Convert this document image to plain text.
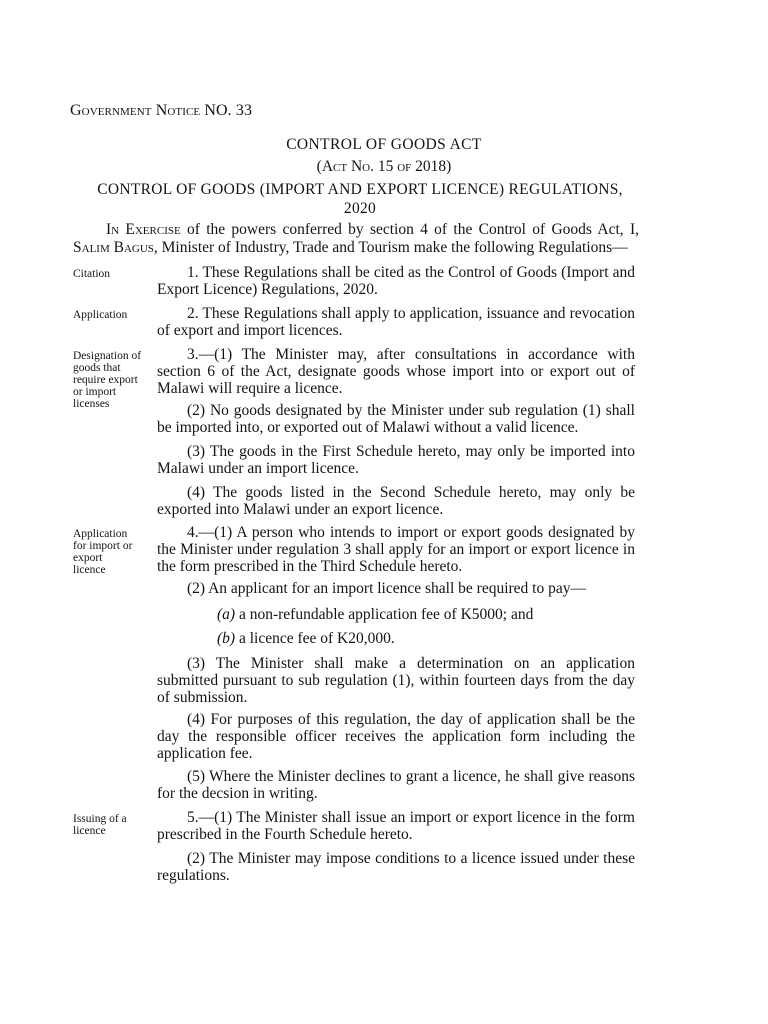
Government Notice NO. 33
CONTROL OF GOODS ACT
(Act No. 15 of 2018)
CONTROL OF GOODS (IMPORT AND EXPORT LICENCE) REGULATIONS, 2020
In Exercise of the powers conferred by section 4 of the Control of Goods Act, I, Salim Bagus, Minister of Industry, Trade and Tourism make the following Regulations—
Citation	1. These Regulations shall be cited as the Control of Goods (Import and Export Licence) Regulations, 2020.
Application	2. These Regulations shall apply to application, issuance and revocation of export and import licences.
Designation of goods that require export or import licenses
3.—(1) The Minister may, after consultations in accordance with section 6 of the Act, designate goods whose import into or export out of Malawi will require a licence.
(2) No goods designated by the Minister under sub regulation (1) shall be imported into, or exported out of Malawi without a valid licence.
(3) The goods in the First Schedule hereto, may only be imported into Malawi under an import licence.
(4) The goods listed in the Second Schedule hereto, may only be exported into Malawi under an export licence.
Application for import or export licence
4.—(1) A person who intends to import or export goods designated by the Minister under regulation 3 shall apply for an import or export licence in the form prescribed in the Third Schedule hereto.
(2) An applicant for an import licence shall be required to pay—
(a) a non-refundable application fee of K5000; and
(b) a licence fee of K20,000.
(3) The Minister shall make a determination on an application submitted pursuant to sub regulation (1), within fourteen days from the day of submission.
(4) For purposes of this regulation, the day of application shall be the day the responsible officer receives the application form including the application fee.
(5) Where the Minister declines to grant a licence, he shall give reasons for the decsion in writing.
Issuing of a licence
5.—(1) The Minister shall issue an import or export licence in the form prescribed in the Fourth Schedule hereto.
(2) The Minister may impose conditions to a licence issued under these regulations.
